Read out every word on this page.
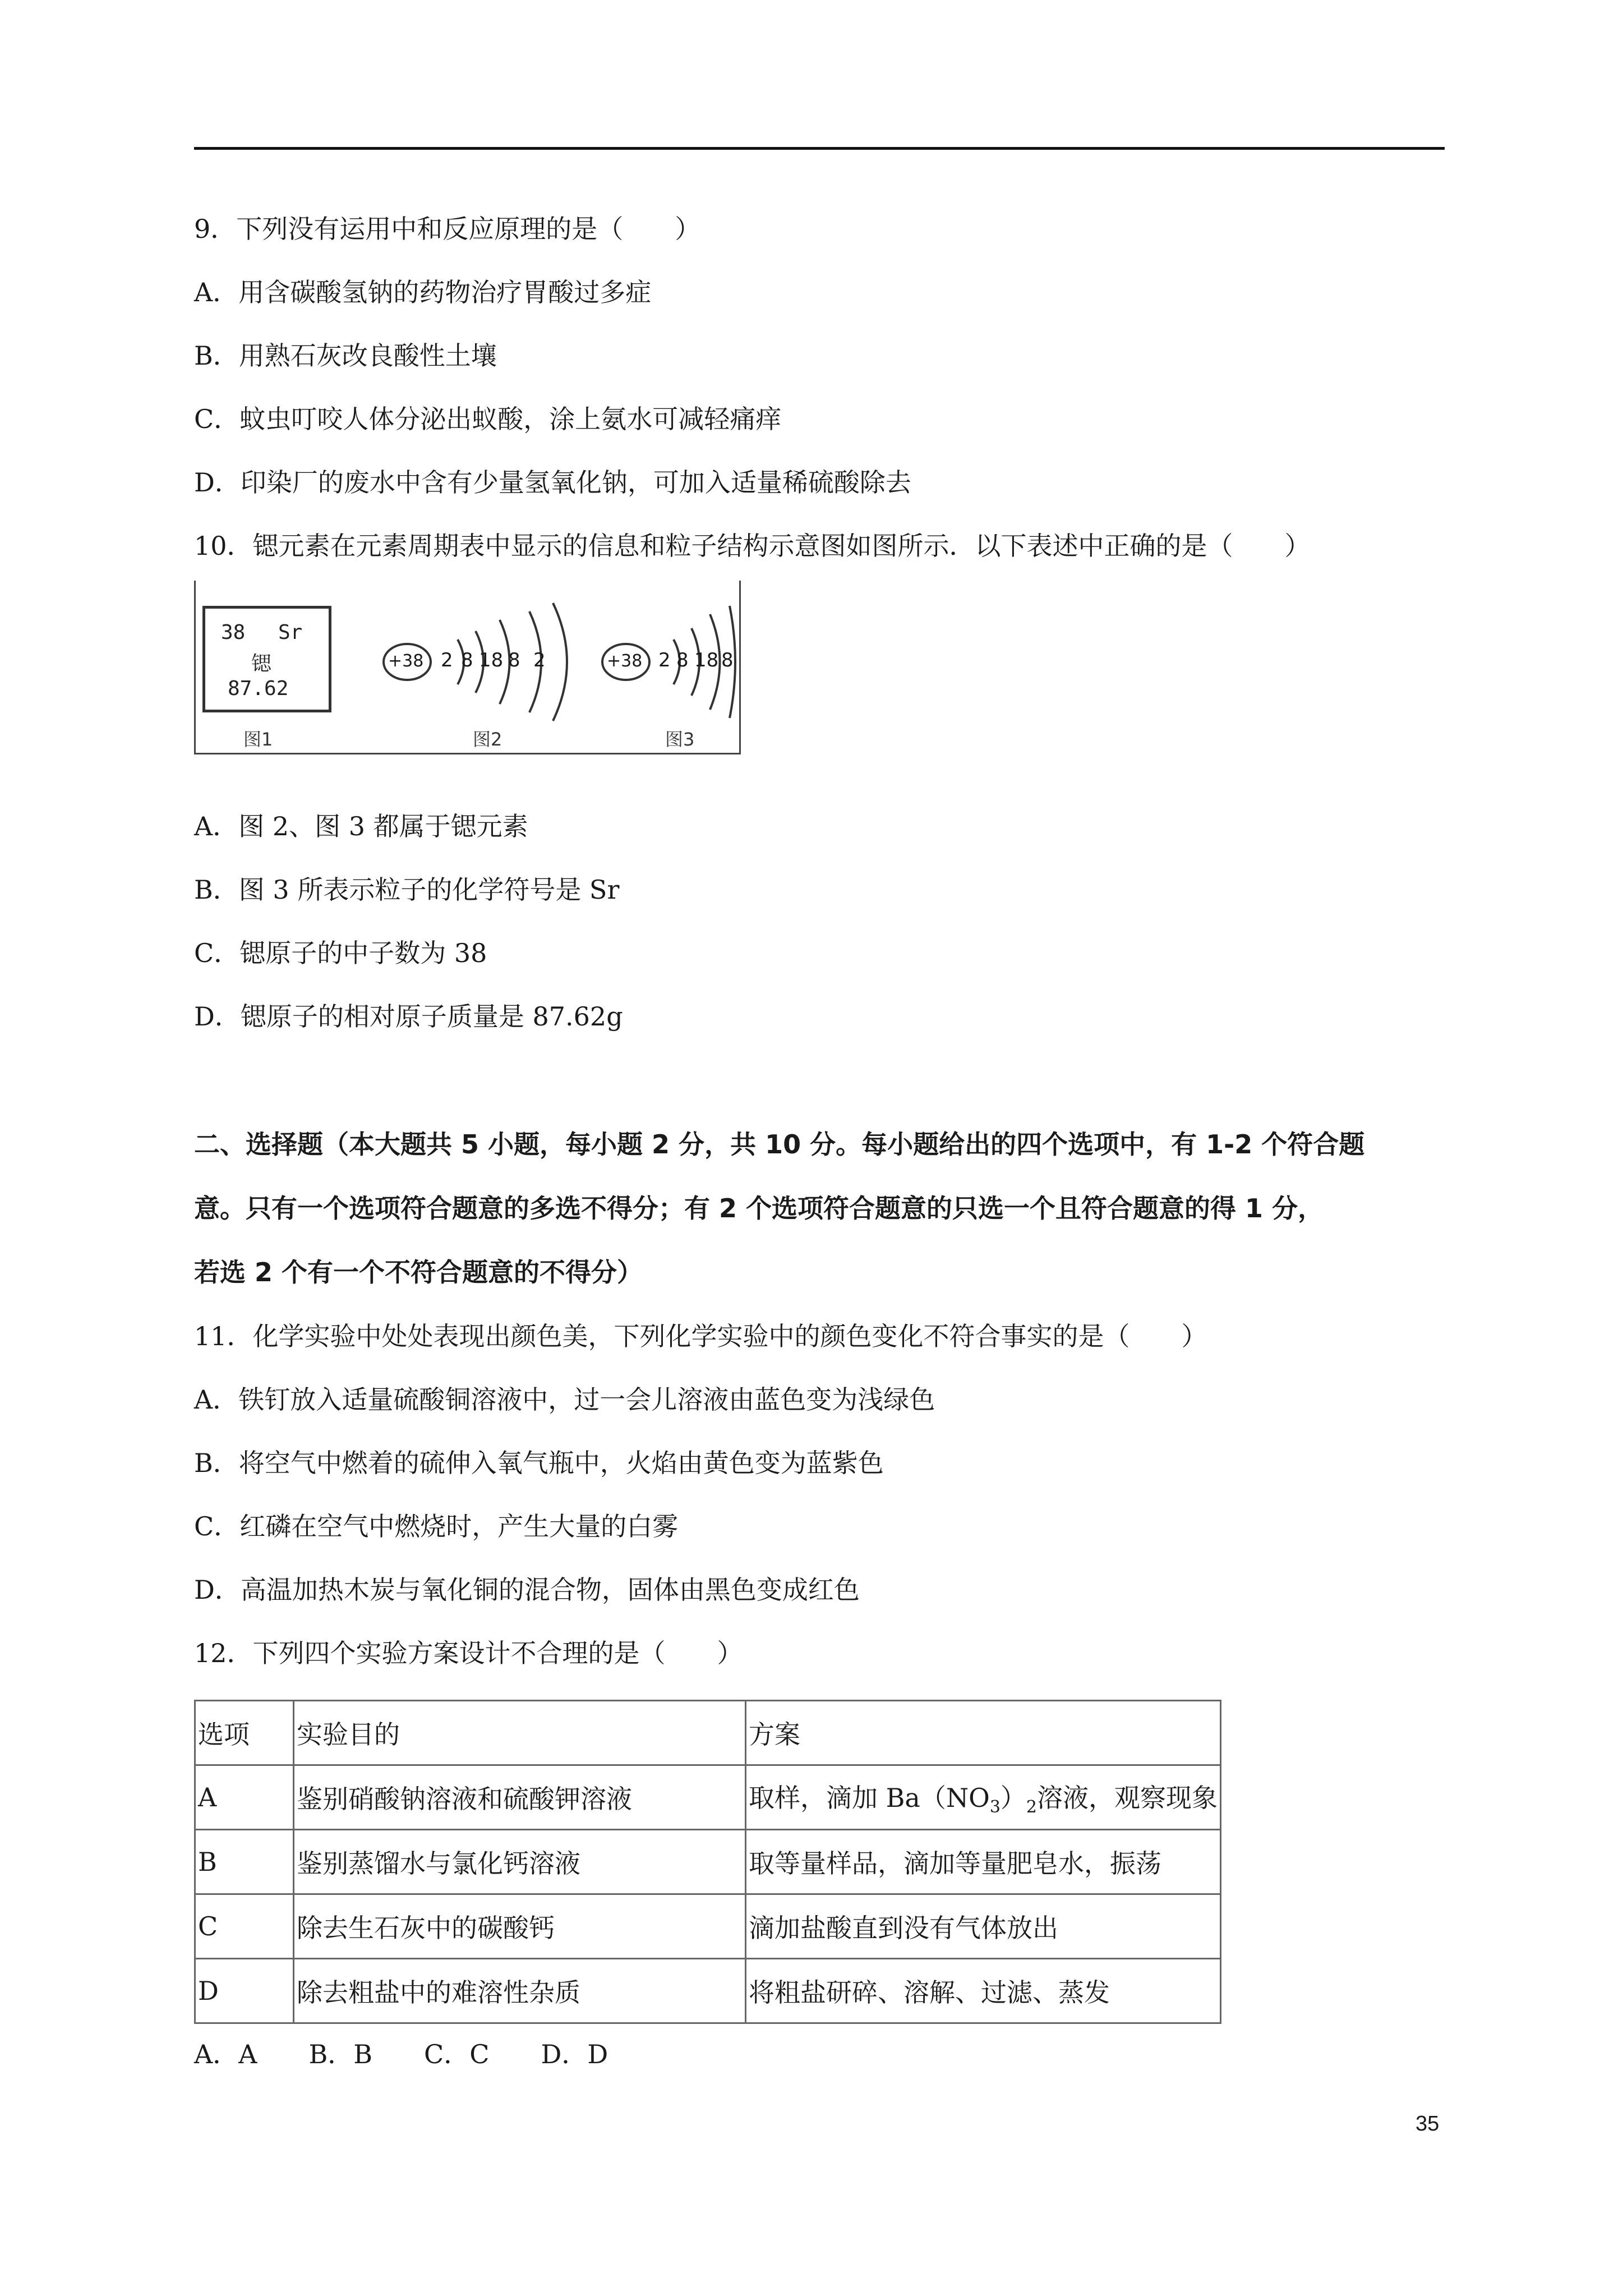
9．下列没有运用中和反应原理的是（　　）
A．用含碳酸氢钠的药物治疗胃酸过多症
B．用熟石灰改良酸性土壤
C．蚊虫叮咬人体分泌出蚁酸，涂上氨水可减轻痛痒
D．印染厂的废水中含有少量氢氧化钠，可加入适量稀硫酸除去
10．锶元素在元素周期表中显示的信息和粒子结构示意图如图所示．以下表述中正确的是（　　）
38 Sr
锶
87.62
+38 2 8 18 8 2	+38 2 8 18 8
图1	图2	图3
A．图 2、图 3 都属于锶元素
B．图 3 所表示粒子的化学符号是 Sr
C．锶原子的中子数为 38
D．锶原子的相对原子质量是 87.62g
二、选择题（本大题共 5 小题，每小题 2 分，共 10 分。每小题给出的四个选项中，有 1-2 个符合题
意。只有一个选项符合题意的多选不得分；有 2 个选项符合题意的只选一个且符合题意的得 1 分，
若选 2 个有一个不符合题意的不得分）
11．化学实验中处处表现出颜色美，下列化学实验中的颜色变化不符合事实的是（　　）
A．铁钉放入适量硫酸铜溶液中，过一会儿溶液由蓝色变为浅绿色
B．将空气中燃着的硫伸入氧气瓶中，火焰由黄色变为蓝紫色
C．红磷在空气中燃烧时，产生大量的白雾
D．高温加热木炭与氧化铜的混合物，固体由黑色变成红色
12．下列四个实验方案设计不合理的是（　　）
选项	实验目的	方案
A	鉴别硝酸钠溶液和硫酸钾溶液	取样，滴加 $Ba(NO_3)_2$溶液，观察现象
B	鉴别蒸馏水与氯化钙溶液	取等量样品，滴加等量肥皂水，振荡
C	除去生石灰中的碳酸钙	滴加盐酸直到没有气体放出
D	除去粗盐中的难溶性杂质	将粗盐研碎、溶解、过滤、蒸发
A．A　　B．B　　C．C　　D．D
35
